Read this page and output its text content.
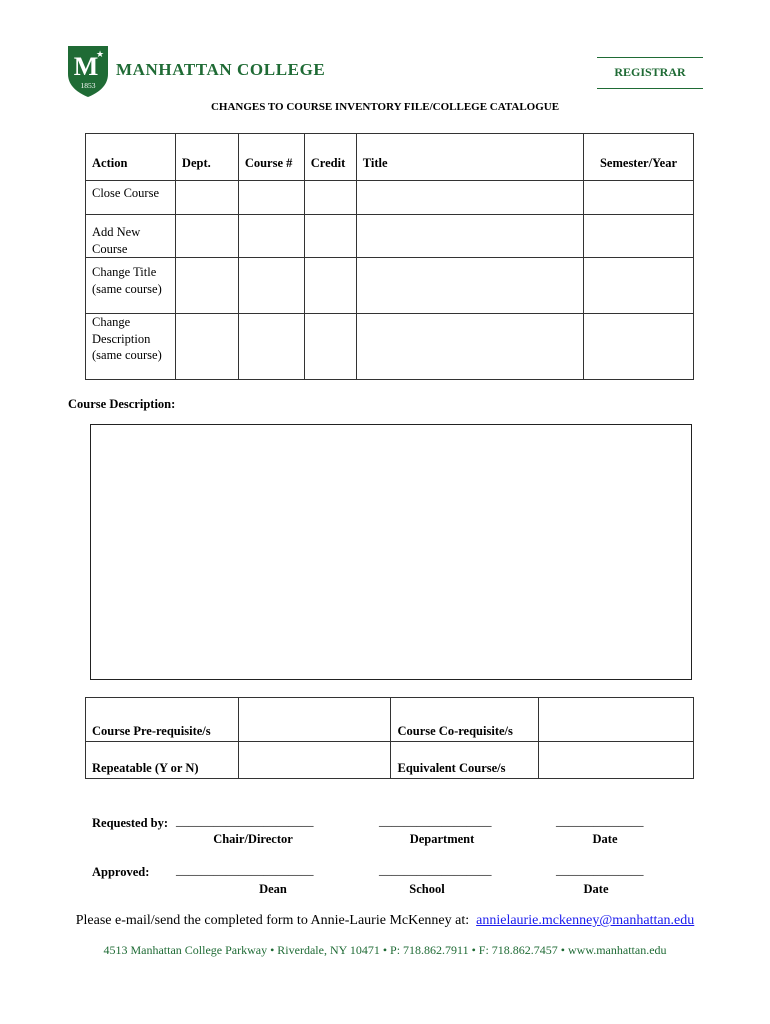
M
★
1853
MANHATTAN COLLEGE	REGISTRAR
CHANGES TO COURSE INVENTORY FILE/COLLEGE CATALOGUE
Action	Dept.	Course #	Credit	Title	Semester/Year
Close Course					
Add New Course					
Change Title (same course)					
Change Description (same course)					
Course Description:
Course Pre-requisite/s		Course Co-requisite/s	
Repeatable (Y or N)		Equivalent Course/s	
Requested by: ______________________	__________________	______________
Chair/Director	Department	Date
Approved: ______________________	__________________	______________
Dean	School	Date
Please e-mail/send the completed form to Annie-Laurie McKenney at: annielaurie.mckenney@manhattan.edu
4513 Manhattan College Parkway • Riverdale, NY 10471 • P: 718.862.7911 • F: 718.862.7457 • www.manhattan.edu
